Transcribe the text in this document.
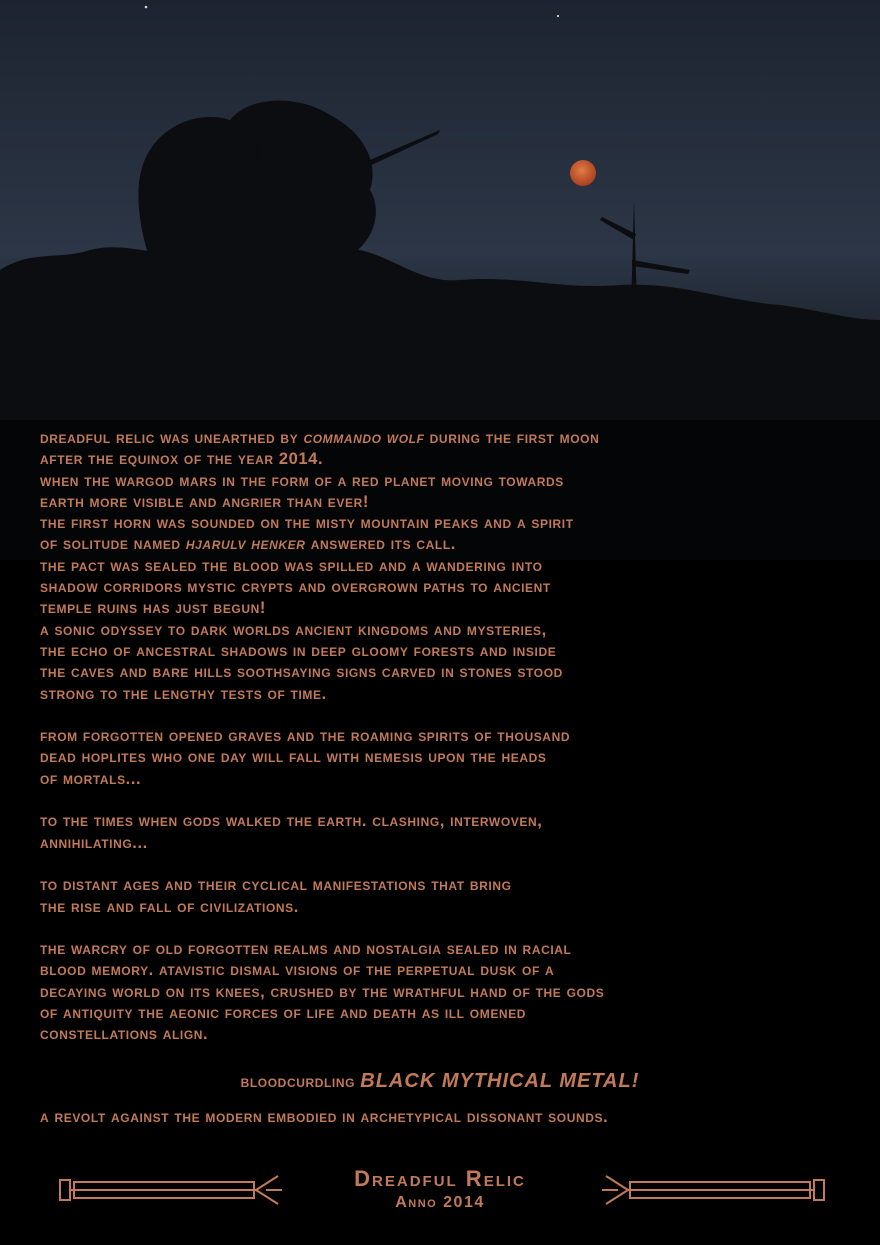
dreadful relic was unearthed by commando wolf during the first moon
after the equinox of the year 2014.
when the wargod mars in the form of a red planet moving towards
earth more visible and angrier than ever!
the first horn was sounded on the misty mountain peaks and a spirit
of solitude named hjarulv henker answered its call.
the pact was sealed the blood was spilled and a wandering into
shadow corridors mystic crypts and overgrown paths to ancient
temple ruins has just begun!
a sonic odyssey to dark worlds ancient kingdoms and mysteries,
the echo of ancestral shadows in deep gloomy forests and inside
the caves and bare hills soothsaying signs carved in stones stood
strong to the lengthy tests of time.
from forgotten opened graves and the roaming spirits of thousand
dead hoplites who one day will fall with nemesis upon the heads
of mortals...
to the times when gods walked the earth. clashing, interwoven,
annihilating...
to distant ages and their cyclical manifestations that bring
the rise and fall of civilizations.
the warcry of old forgotten realms and nostalgia sealed in racial
blood memory. atavistic dismal visions of the perpetual dusk of a
decaying world on its knees, crushed by the wrathful hand of the gods
of antiquity the aeonic forces of life and death as ill omened
constellations align.
bloodcurdling BLACK MYTHICAL METAL!
a revolt against the modern embodied in archetypical dissonant sounds.
Dreadful Relic
Anno 2014
